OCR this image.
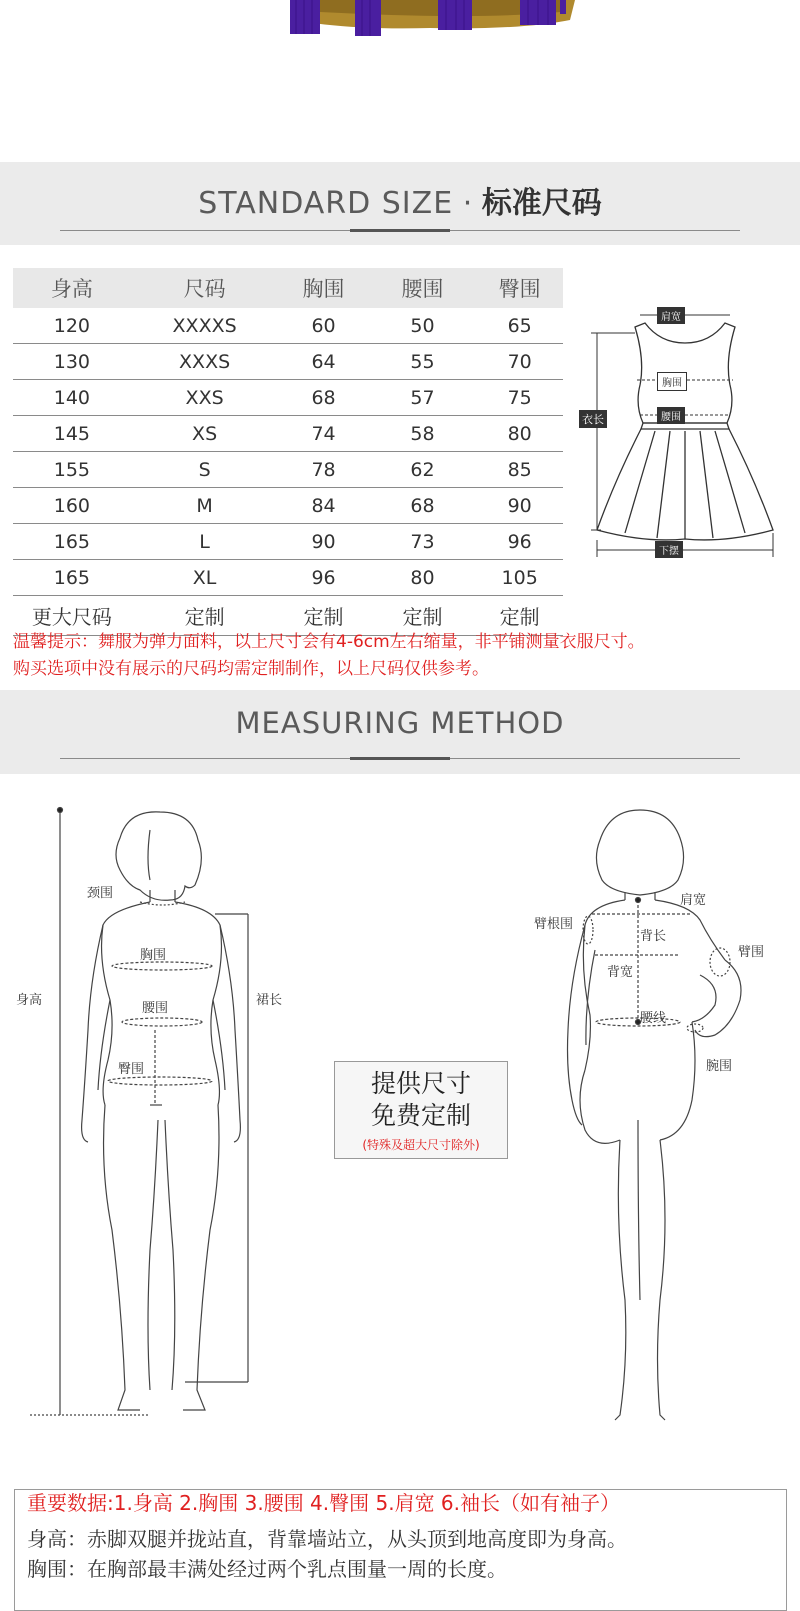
STANDARD SIZE · 标准尺码
身高	尺码	胸围	腰围	臀围
120	XXXXS	60	50	65
130	XXXS	64	55	70
140	XXS	68	57	75
145	XS	74	58	80
155	S	78	62	85
160	M	84	68	90
165	L	90	73	96
165	XL	96	80	105
更大尺码	定制	定制	定制	定制
肩宽
胸围
腰围
衣长
下摆
温馨提示：舞服为弹力面料，以上尺寸会有4-6cm左右缩量，非平铺测量衣服尺寸。
购买选项中没有展示的尺码均需定制制作，以上尺码仅供参考。
MEASURING METHOD
身高
颈围
胸围
腰围
臀围
裙长
提供尺寸
免费定制
(特殊及超大尺寸除外)
肩宽
臂根围
背长
臂围
背宽
腰线
腕围
重要数据:1.身高 2.胸围 3.腰围 4.臀围 5.肩宽 6.袖长（如有袖子）
身高：赤脚双腿并拢站直，背靠墙站立，从头顶到地高度即为身高。
胸围：在胸部最丰满处经过两个乳点围量一周的长度。
